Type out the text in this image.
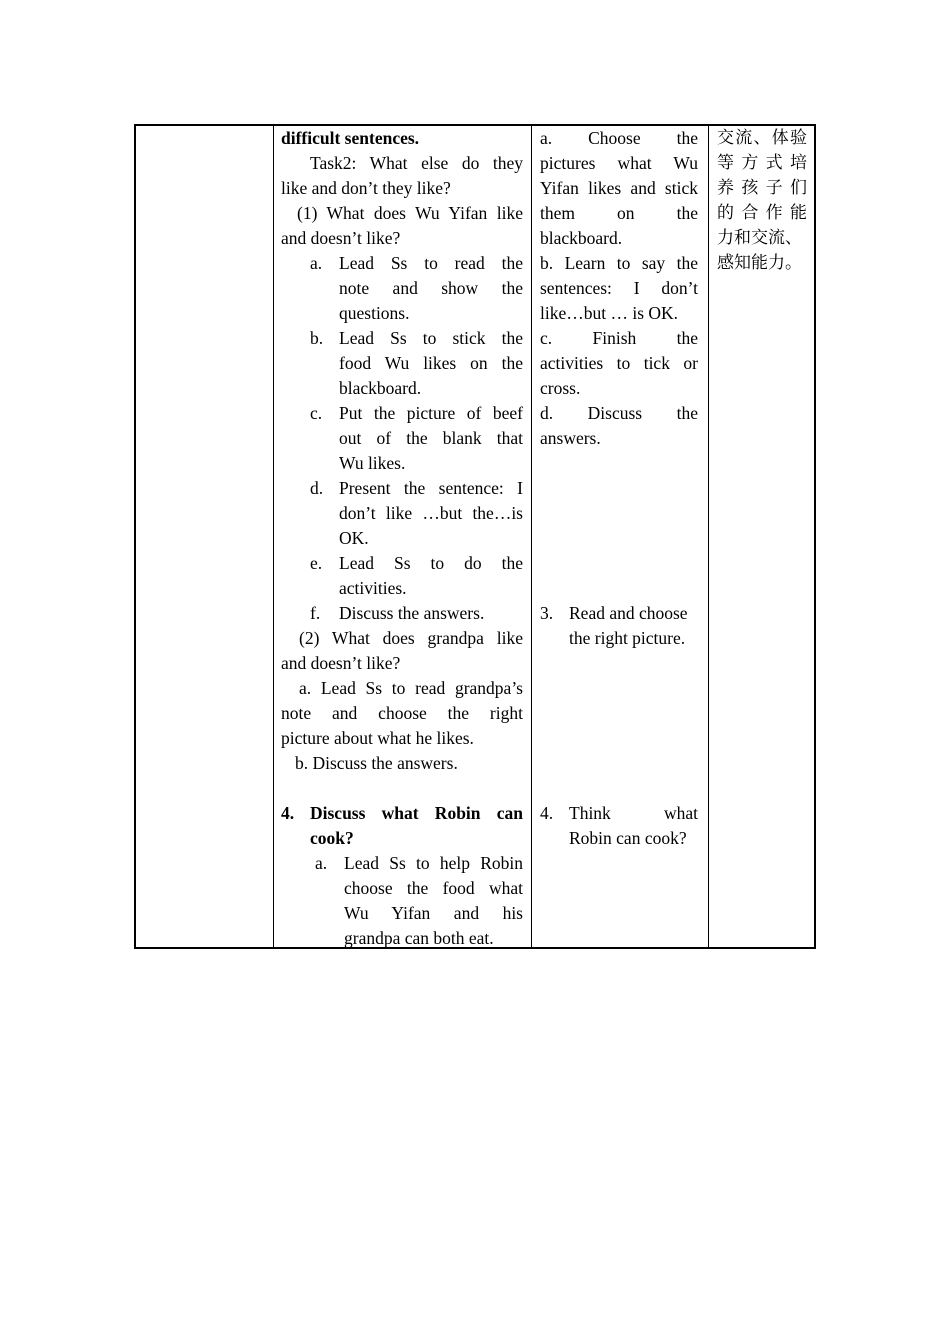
difficult sentences.
Task2: What else do they
like and don’t they like?
(1) What does Wu Yifan like
and doesn’t like?
a. Lead Ss to read the
note and show the
questions.
b. Lead Ss to stick the
food Wu likes on the
blackboard.
c. Put the picture of beef
out of the blank that
Wu likes.
d. Present the sentence: I
don’t like …but the…is
OK.
e. Lead Ss to do the
activities.
f. Discuss the answers.
(2) What does grandpa like
and doesn’t like?
a. Lead Ss to read grandpa’s
note and choose the right
picture about what he likes.
b. Discuss the answers.
4. Discuss what Robin can
cook?
a. Lead Ss to help Robin
choose the food what
Wu Yifan and his
grandpa can both eat.
a. Choose the
pictures what Wu
Yifan likes and stick
them on the
blackboard.
b. Learn to say the
sentences: I don’t
like…but … is OK.
c. Finish the
activities to tick or
cross.
d. Discuss the
answers.
3. Read and choose
the right picture.
4. Think what
Robin can cook?
交流、体验
等方式培
养孩子们
的合作能
力和交流、
感知能力。
